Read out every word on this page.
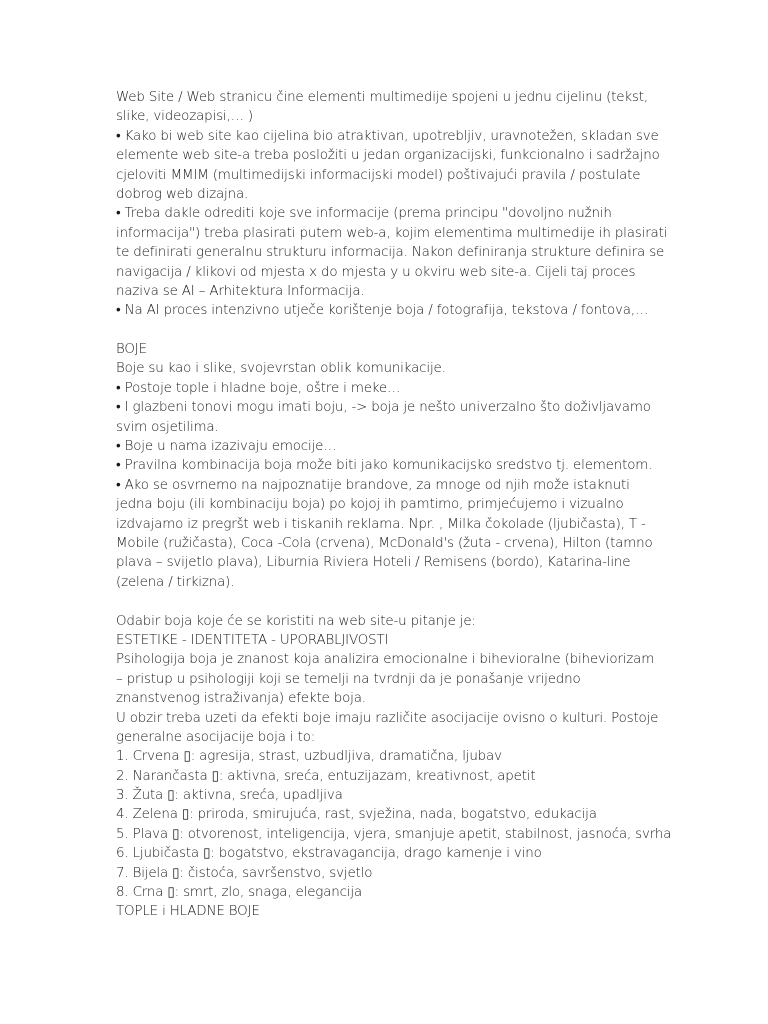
Web Site / Web stranicu čine elementi multimedije spojeni u jednu cijelinu (tekst,
slike, videozapisi,… )
• Kako bi web site kao cijelina bio atraktivan, upotrebljiv, uravnotežen, skladan sve
elemente web site-a treba posložiti u jedan organizacijski, funkcionalno i sadržajno
cjeloviti MMIM (multimedijski informacijski model) poštivajući pravila / postulate
dobrog web dizajna.
• Treba dakle odrediti koje sve informacije (prema principu "dovoljno nužnih
informacija") treba plasirati putem web-a, kojim elementima multimedije ih plasirati
te definirati generalnu strukturu informacija. Nakon definiranja strukture definira se
navigacija / klikovi od mjesta x do mjesta y u okviru web site-a. Cijeli taj proces
naziva se AI – Arhitektura Informacija.
• Na AI proces intenzivno utječe korištenje boja / fotografija, tekstova / fontova,…
BOJE
Boje su kao i slike, svojevrstan oblik komunikacije.
• Postoje tople i hladne boje, oštre i meke…
• I glazbeni tonovi mogu imati boju, -> boja je nešto univerzalno što doživljavamo
svim osjetilima.
• Boje u nama izazivaju emocije…
• Pravilna kombinacija boja može biti jako komunikacijsko sredstvo tj. elementom.
• Ako se osvrnemo na najpoznatije brandove, za mnoge od njih može istaknuti
jedna boju (ili kombinaciju boja) po kojoj ih pamtimo, primjećujemo i vizualno
izdvajamo iz pregršt web i tiskanih reklama. Npr. , Milka čokolade (ljubičasta), T -
Mobile (ružičasta), Coca -Cola (crvena), McDonald's (žuta - crvena), Hilton (tamno
plava – svijetlo plava), Liburnia Riviera Hoteli / Remisens (bordo), Katarina-line
(zelena / tirkizna).
Odabir boja koje će se koristiti na web site-u pitanje je:
ESTETIKE - IDENTITETA - UPORABLJIVOSTI
Psihologija boja je znanost koja analizira emocionalne i bihevioralne (biheviorizam
– pristup u psihologiji koji se temelji na tvrdnji da je ponašanje vrijedno
znanstvenog istraživanja) efekte boja.
U obzir treba uzeti da efekti boje imaju različite asocijacije ovisno o kulturi. Postoje
generalne asocijacije boja i to:
1. Crvena ▯: agresija, strast, uzbudljiva, dramatična, ljubav
2. Narančasta ▯: aktivna, sreća, entuzijazam, kreativnost, apetit
3. Žuta ▯: aktivna, sreća, upadljiva
4. Zelena ▯: priroda, smirujuća, rast, svježina, nada, bogatstvo, edukacija
5. Plava ▯: otvorenost, inteligencija, vjera, smanjuje apetit, stabilnost, jasnoća, svrha
6. Ljubičasta ▯: bogatstvo, ekstravagancija, drago kamenje i vino
7. Bijela ▯: čistoća, savršenstvo, svjetlo
8. Crna ▯: smrt, zlo, snaga, elegancija
TOPLE i HLADNE BOJE
